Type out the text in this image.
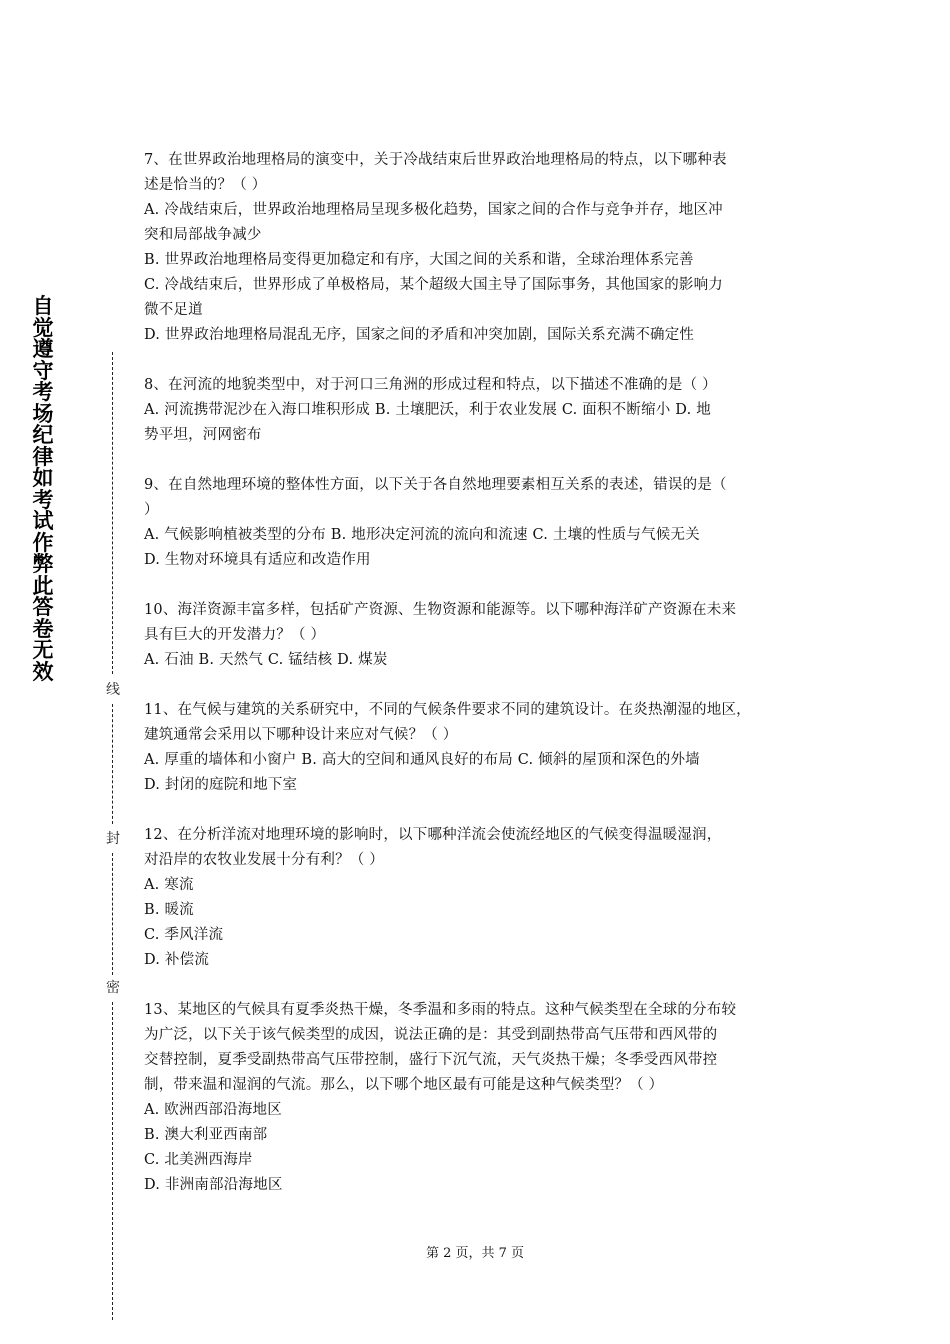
自
觉
遵
守
考
场
纪
律
如
考
试
作
弊
此
答
卷
无
效
线
封
密
7、在世界政治地理格局的演变中，关于冷战结束后世界政治地理格局的特点，以下哪种表
述是恰当的？（ ）
A. 冷战结束后，世界政治地理格局呈现多极化趋势，国家之间的合作与竞争并存，地区冲
突和局部战争减少
B. 世界政治地理格局变得更加稳定和有序，大国之间的关系和谐，全球治理体系完善
C. 冷战结束后，世界形成了单极格局，某个超级大国主导了国际事务，其他国家的影响力
微不足道
D. 世界政治地理格局混乱无序，国家之间的矛盾和冲突加剧，国际关系充满不确定性
8、在河流的地貌类型中，对于河口三角洲的形成过程和特点，以下描述不准确的是（ ）
A. 河流携带泥沙在入海口堆积形成 B. 土壤肥沃，利于农业发展 C. 面积不断缩小 D. 地
势平坦，河网密布
9、在自然地理环境的整体性方面，以下关于各自然地理要素相互关系的表述，错误的是（
）
A. 气候影响植被类型的分布 B. 地形决定河流的流向和流速 C. 土壤的性质与气候无关
D. 生物对环境具有适应和改造作用
10、海洋资源丰富多样，包括矿产资源、生物资源和能源等。以下哪种海洋矿产资源在未来
具有巨大的开发潜力？（ ）
A. 石油 B. 天然气 C. 锰结核 D. 煤炭
11、在气候与建筑的关系研究中，不同的气候条件要求不同的建筑设计。在炎热潮湿的地区，
建筑通常会采用以下哪种设计来应对气候？（ ）
A. 厚重的墙体和小窗户 B. 高大的空间和通风良好的布局 C. 倾斜的屋顶和深色的外墙
D. 封闭的庭院和地下室
12、在分析洋流对地理环境的影响时，以下哪种洋流会使流经地区的气候变得温暖湿润，
对沿岸的农牧业发展十分有利？（ ）
A. 寒流
B. 暖流
C. 季风洋流
D. 补偿流
13、某地区的气候具有夏季炎热干燥，冬季温和多雨的特点。这种气候类型在全球的分布较
为广泛，以下关于该气候类型的成因，说法正确的是：其受到副热带高气压带和西风带的
交替控制，夏季受副热带高气压带控制，盛行下沉气流，天气炎热干燥；冬季受西风带控
制，带来温和湿润的气流。那么，以下哪个地区最有可能是这种气候类型？（ ）
A. 欧洲西部沿海地区
B. 澳大利亚西南部
C. 北美洲西海岸
D. 非洲南部沿海地区
第 2 页，共 7 页
